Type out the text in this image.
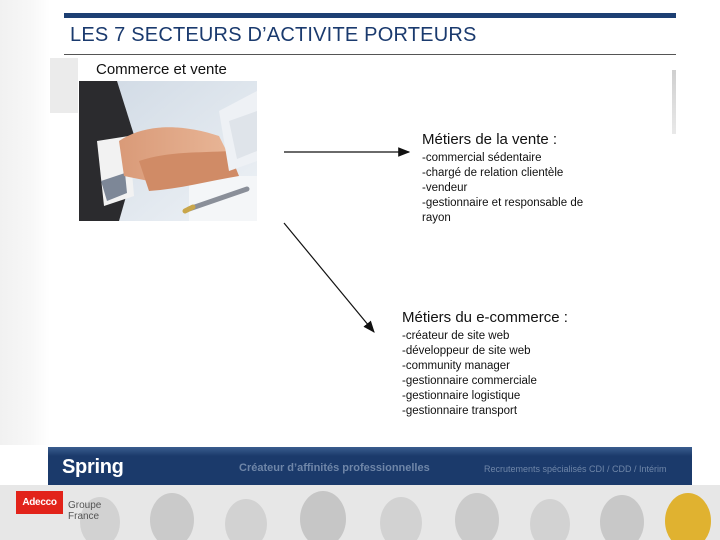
LES 7 SECTEURS D’ACTIVITE PORTEURS
Commerce et vente

Métiers de la vente :

-commercial sédentaire
-chargé de relation clientèle
-vendeur
-gestionnaire et responsable de
rayon

Métiers du e-commerce :

-créateur de site web
-développeur de site web
-community manager
-gestionnaire commerciale
-gestionnaire logistique
-gestionnaire transport
Spring	Créateur d’affinités professionnelles	Recrutements spécialisés CDI / CDD / Intérim
Adecco	Groupe
France
